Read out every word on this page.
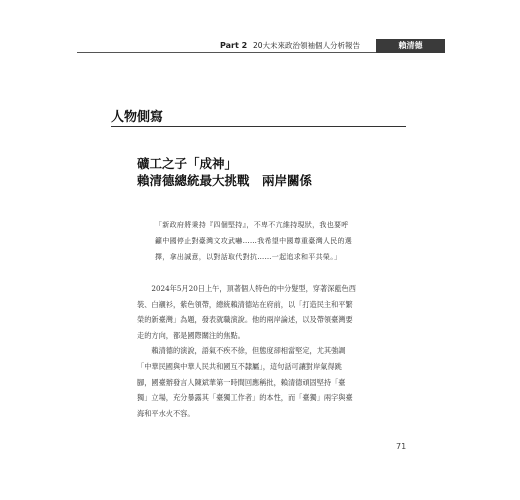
Part 2 20大未來政治領袖個人分析報告	賴清德
人物側寫
礦工之子「成神」
賴清德總統最大挑戰　兩岸關係

「新政府將秉持『四個堅持』，不卑不亢維持現狀，我也要呼

籲中國停止對臺灣文攻武嚇……我希望中國尊重臺灣人民的選

擇，拿出誠意，以對話取代對抗……一起追求和平共榮。」

　　2024年5月20日上午，頂著個人特色的中分髮型，穿著深藍色西

裝、白襯衫，紫色領帶，總統賴清德站在府前，以「打造民主和平繁

榮的新臺灣」為題，發表就職演說。他的兩岸論述，以及帶領臺灣要

走的方向，都是國際關注的焦點。

　　賴清德的演說，語氣不疾不徐，但態度卻相當堅定，尤其強調

「中華民國與中華人民共和國互不隸屬」，這句話可讓對岸氣得跳

腳，國臺辦發言人陳斌華第一時間回應稱批，賴清德頑固堅持「臺

獨」立場，充分暴露其「臺獨工作者」的本性，而「臺獨」兩字與臺

海和平水火不容。

71
